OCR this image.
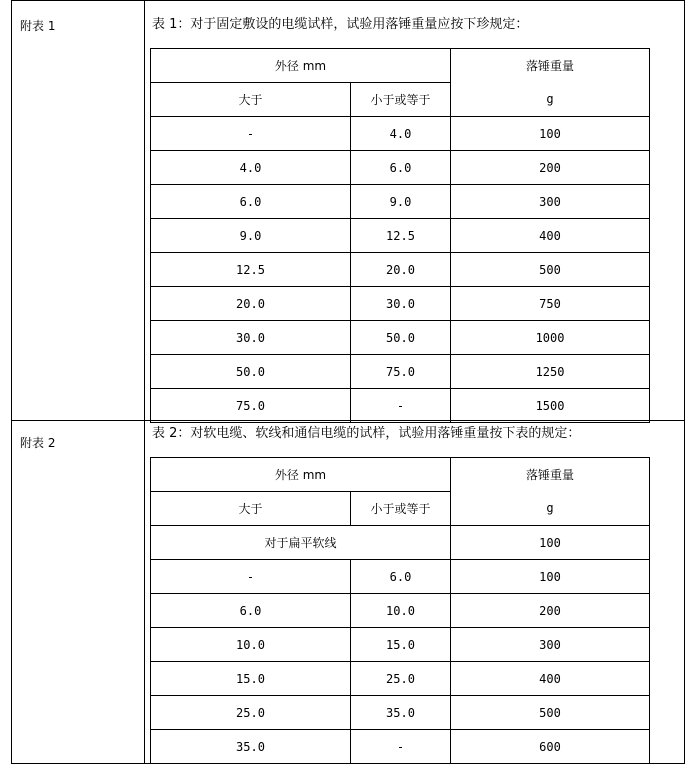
附表 1	表 1：对于固定敷设的电缆试样，试验用落锤重量应按下珍规定：
外径 mm		落锤重量
大于	小于或等于	g
-	4.0	100
4.0	6.0	200
6.0	9.0	300
9.0	12.5	400
12.5	20.0	500
20.0	30.0	750
30.0	50.0	1000
50.0	75.0	1250
75.0	-	1500
附表 2
表 2：对软电缆、软线和通信电缆的试样，试验用落锤重量按下表的规定：
外径 mm		落锤重量
大于	小于或等于	g
对于扁平软线		100
-	6.0	100
6.0	10.0	200
10.0	15.0	300
15.0	25.0	400
25.0	35.0	500
35.0	-	600
